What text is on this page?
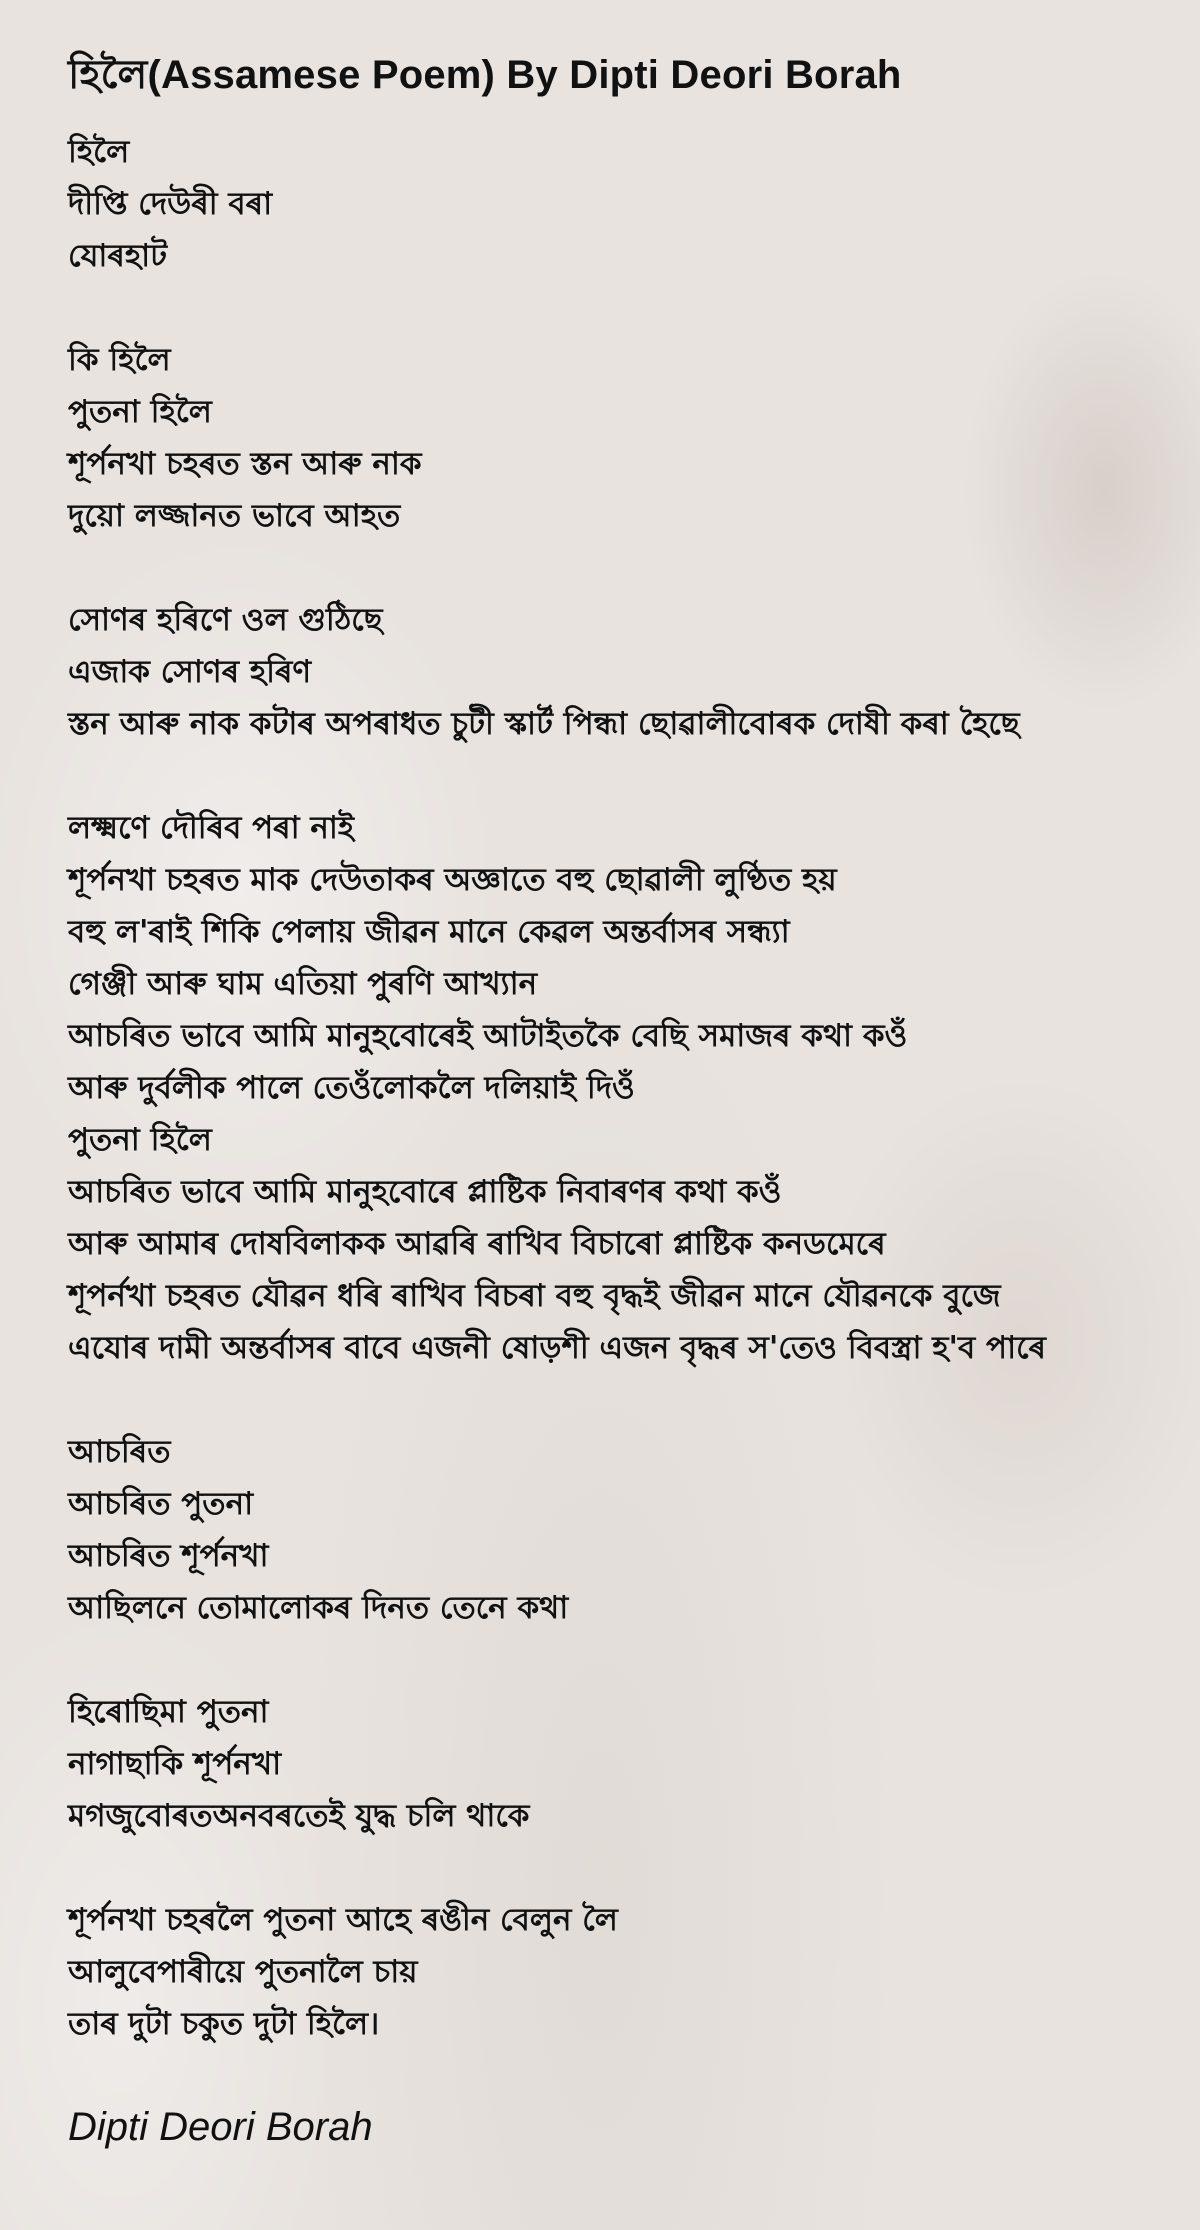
হিলৈ(Assamese Poem) By Dipti Deori Borah
হিলৈ
দীপ্তি দেউৰী বৰা
যোৰহাট
কি হিলৈ
পুতনা হিলৈ
শূৰ্পনখা চহৰত স্তন আৰু নাক
দুয়ো লজ্জানত ভাবে আহত
সোণৰ হৰিণে ওল গুঠিছে
এজাক সোণৰ হৰিণ
স্তন আৰু নাক কটাৰ অপৰাধত চুটী স্কাৰ্ট পিন্ধা ছোৱালীবোৰক দোষী কৰা হৈছে
লক্ষ্মণে দৌৰিব পৰা নাই
শূৰ্পনখা চহৰত মাক দেউতাকৰ অজ্ঞাতে বহু ছোৱালী লুণ্ঠিত হয়
বহু ল'ৰাই শিকি পেলায় জীৱন মানে কেৱল অন্তৰ্বাসৰ সন্ধ্যা
গেঞ্জী আৰু ঘাম এতিয়া পুৰণি আখ্যান
আচৰিত ভাবে আমি মানুহবোৰেই আটাইতকৈ বেছি সমাজৰ কথা কওঁ
আৰু দুৰ্বলীক পালে তেওঁলোকলৈ দলিয়াই দিওঁ
পুতনা হিলৈ
আচৰিত ভাবে আমি মানুহবোৰে প্লাষ্টিক নিবাৰণৰ কথা কওঁ
আৰু আমাৰ দোষবিলাকক আৱৰি ৰাখিব বিচাৰো প্লাষ্টিক কনডমেৰে
শূপৰ্নখা চহৰত যৌৱন ধৰি ৰাখিব বিচৰা বহু বৃদ্ধই জীৱন মানে যৌৱনকে বুজে
এযোৰ দামী অন্তৰ্বাসৰ বাবে এজনী ষোড়শী এজন বৃদ্ধৰ স'তেও বিবস্ত্ৰা হ'ব পাৰে
আচৰিত
আচৰিত পুতনা
আচৰিত শূৰ্পনখা
আছিলনে তোমালোকৰ দিনত তেনে কথা
হিৰোছিমা পুতনা
নাগাছাকি শূৰ্পনখা
মগজুবোৰতঅনবৰতেই যুদ্ধ চলি থাকে
শূৰ্পনখা চহৰলৈ পুতনা আহে ৰঙীন বেলুন লৈ
আলুবেপাৰীয়ে পুতনালৈ চায়
তাৰ দুটা চকুত দুটা হিলৈ।
Dipti Deori Borah
